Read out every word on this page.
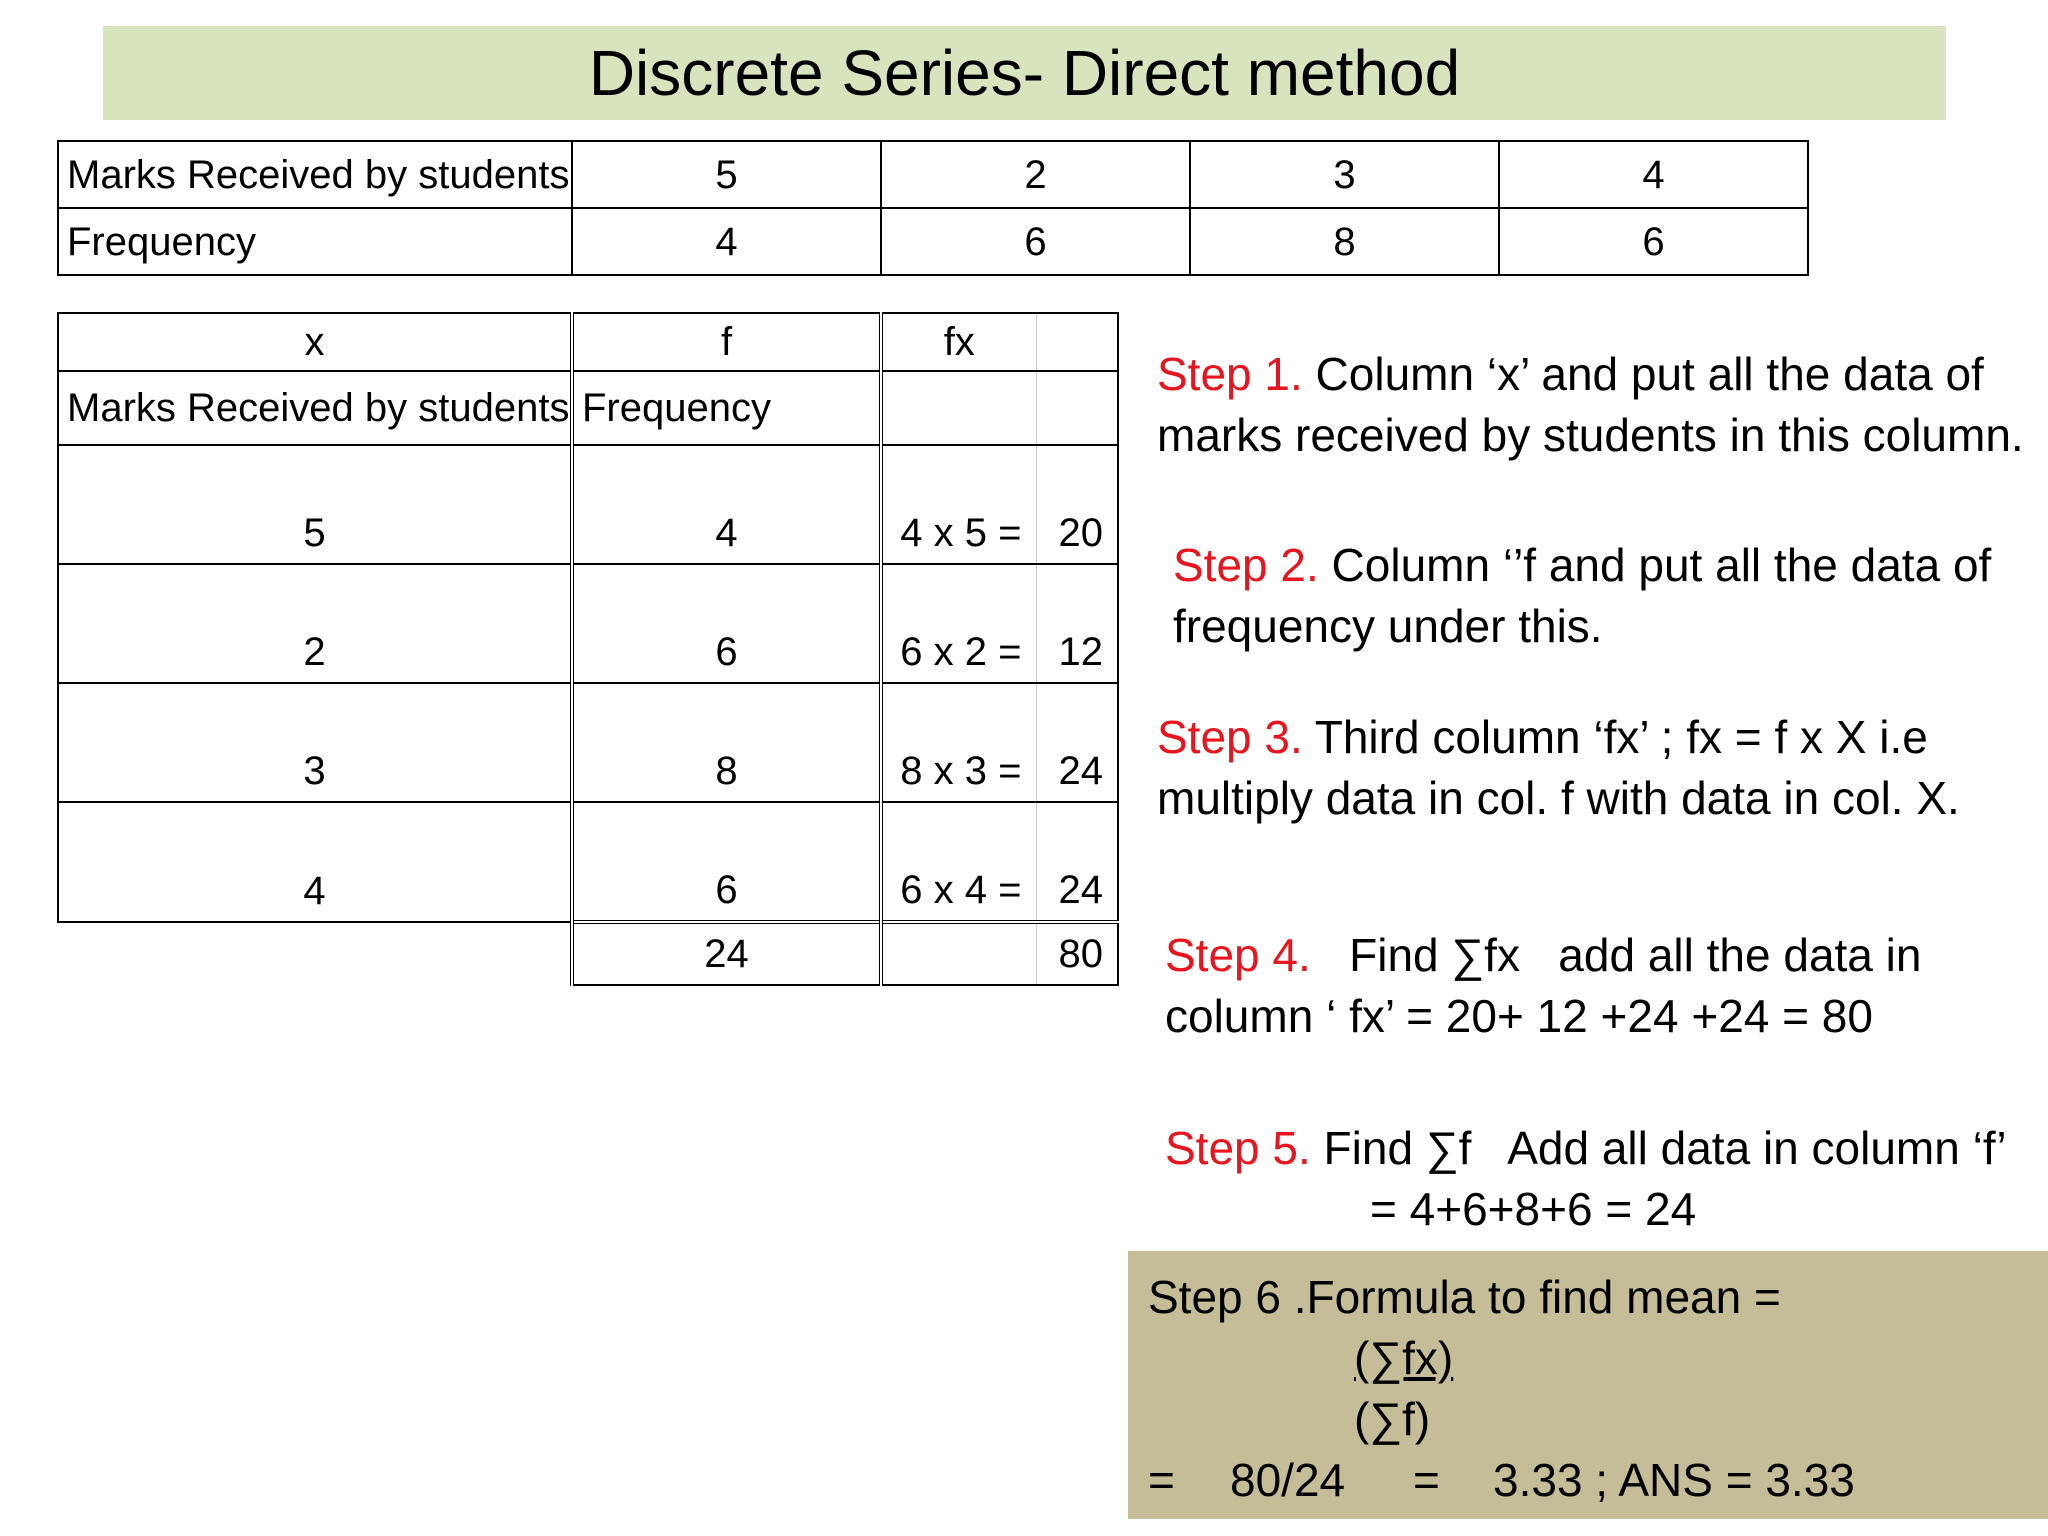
Discrete Series- Direct method
Marks Received by students	5	2	3	4
Frequency	4	6	8	6
x	f	fx	
Marks Received by students	Frequency		
5	4	4 x 5 =	20
2	6	6 x 2 =	12
3	8	8 x 3 =	24
4	6	6 x 4 =	24
	24		80
Step 1. Column ‘x’ and put all the data of marks received by students in this column.
Step 2. Column ‘’f and put all the data of frequency under this.
Step 3. Third column ‘fx’ ; fx = f x X i.e multiply data in col. f with data in col. X.
Step 4.   Find ∑fx   add all the data in column ‘ fx’ = 20+ 12 +24 +24 = 80
Step 5. Find ∑f   Add all data in column ‘f’
= 4+6+8+6 = 24
Step 6 .Formula to find mean =
(∑fx)
(∑f)
= 80/24 = 3.33 ; ANS = 3.33
